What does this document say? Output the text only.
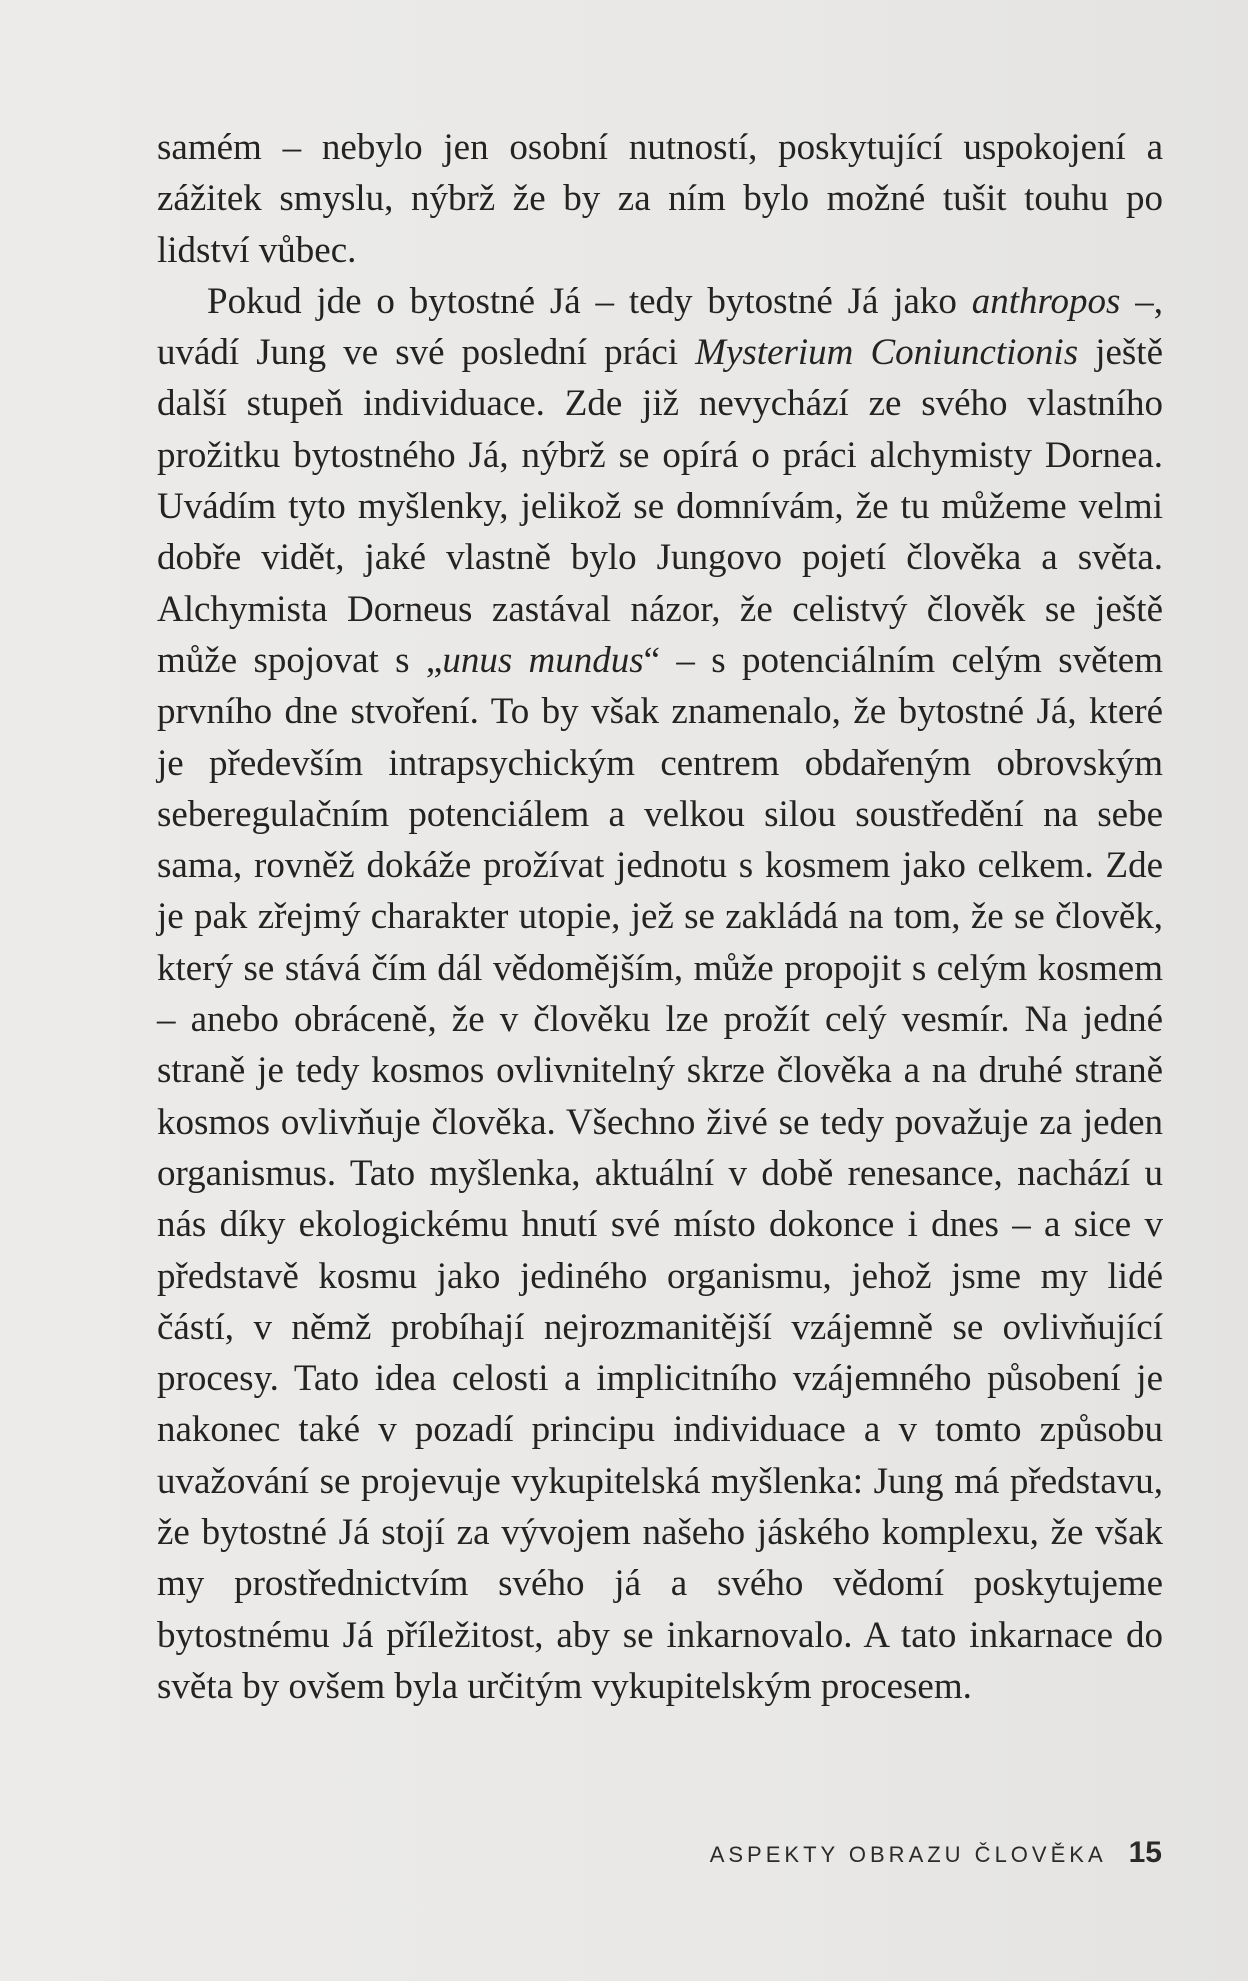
samém – nebylo jen osobní nutností, poskytující uspokojení a zážitek smyslu, nýbrž že by za ním bylo možné tušit touhu po lidství vůbec.

Pokud jde o bytostné Já – tedy bytostné Já jako anthropos –, uvádí Jung ve své poslední práci Mysterium Coniunctionis ještě další stupeň individuace. Zde již nevychází ze svého vlastního prožitku bytostného Já, nýbrž se opírá o práci alchymisty Dornea. Uvádím tyto myšlenky, jelikož se domnívám, že tu můžeme velmi dobře vidět, jaké vlastně bylo Jungovo pojetí člověka a světa. Alchymista Dorneus zastával názor, že celistvý člověk se ještě může spojovat s „unus mundus“ – s potenciálním celým světem prvního dne stvoření. To by však znamenalo, že bytostné Já, které je především intrapsychickým centrem obdařeným obrovským seberegulačním potenciálem a velkou silou soustředění na sebe sama, rovněž dokáže prožívat jednotu s kosmem jako celkem. Zde je pak zřejmý charakter utopie, jež se zakládá na tom, že se člověk, který se stává čím dál vědomějším, může propojit s celým kosmem – anebo obráceně, že v člověku lze prožít celý vesmír. Na jedné straně je tedy kosmos ovlivnitelný skrze člověka a na druhé straně kosmos ovlivňuje člověka. Všechno živé se tedy považuje za jeden organismus. Tato myšlenka, aktuální v době renesance, nachází u nás díky ekologickému hnutí své místo dokonce i dnes – a sice v představě kosmu jako jediného organismu, jehož jsme my lidé částí, v němž probíhají nejrozmanitější vzájemně se ovlivňující procesy. Tato idea celosti a implicitního vzájemného působení je nakonec také v pozadí principu individuace a v tomto způsobu uvažování se projevuje vykupitelská myšlenka: Jung má představu, že bytostné Já stojí za vývojem našeho jáského komplexu, že však my prostřednictvím svého já a svého vědomí poskytujeme bytostnému Já příležitost, aby se inkarnovalo. A tato inkarnace do světa by ovšem byla určitým vykupitelským procesem.

ASPEKTY OBRAZU ČLOVĚKA 15
